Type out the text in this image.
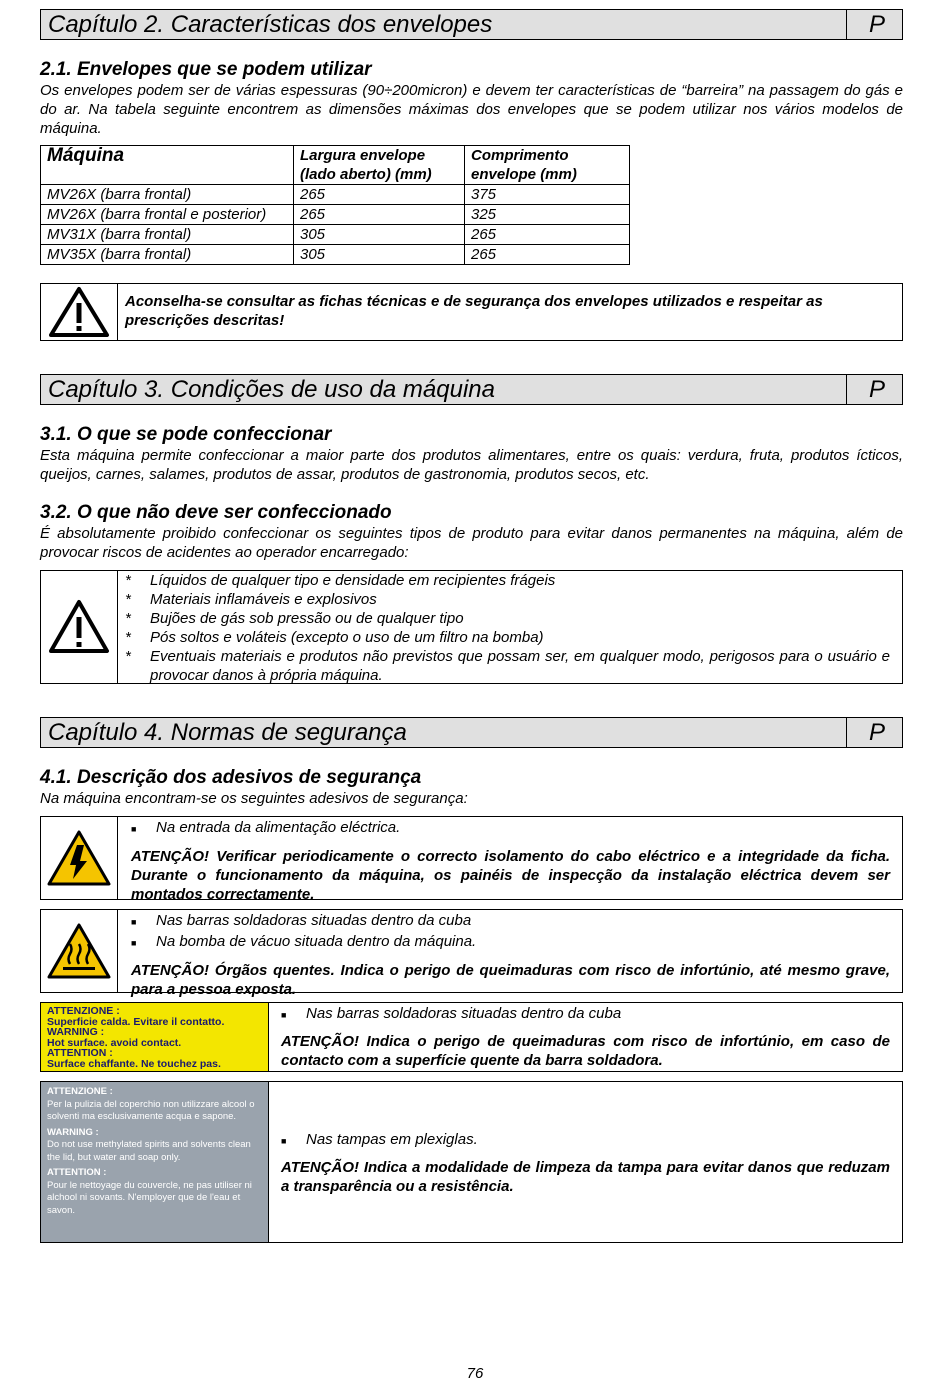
Capítulo 2. Características dos envelopes	P
2.1. Envelopes que se podem utilizar

Os envelopes podem ser de várias espessuras (90÷200micron) e devem ter características de “barreira” na passagem do gás e do ar. Na tabela seguinte encontrem as dimensões máximas dos envelopes que se podem utilizar nos vários modelos de máquina.

Máquina	Largura envelope (lado aberto) (mm)	Comprimento envelope (mm)
MV26X (barra frontal)	265	375
MV26X (barra frontal e posterior)	265	325
MV31X (barra frontal)	305	265
MV35X (barra frontal)	305	265
Aconselha-se consultar as fichas técnicas e de segurança dos envelopes utilizados e respeitar as prescrições descritas!
Capítulo 3. Condições de uso da máquina	P
3.1. O que se pode confeccionar

Esta máquina permite confeccionar a maior parte dos produtos alimentares, entre os quais: verdura, fruta, produtos ícticos, queijos, carnes, salames, produtos de assar, produtos de gastronomia, produtos secos, etc.

3.2. O que não deve ser confeccionado

É absolutamente proibido confeccionar os seguintes tipos de produto para evitar danos permanentes na máquina, além de provocar riscos de acidentes ao operador encarregado:

*	Líquidos de qualquer tipo e densidade em recipientes frágeis
*	Materiais inflamáveis e explosivos
*	Bujões de gás sob pressão ou de qualquer tipo
*	Pós soltos e voláteis (excepto o uso de um filtro na bomba)
*	Eventuais materiais e produtos não previstos que possam ser, em qualquer modo, perigosos para o usuário e provocar danos à própria máquina.
Capítulo 4. Normas de segurança	P
4.1. Descrição dos adesivos de segurança

Na máquina encontram-se os seguintes adesivos de segurança:

■	Na entrada da alimentação eléctrica.
ATENÇÃO! Verificar periodicamente o correcto isolamento do cabo eléctrico e a integridade da ficha. Durante o funcionamento da máquina, os painéis de inspecção da instalação eléctrica devem ser montados correctamente.
■	Nas barras soldadoras situadas dentro da cuba
■	Na bomba de vácuo situada dentro da máquina.
ATENÇÃO! Órgãos quentes. Indica o perigo de queimaduras com risco de infortúnio, até mesmo grave, para a pessoa exposta.
ATTENZIONE :
Superficie calda. Evitare il contatto.
WARNING :
Hot surface. avoid contact.
ATTENTION :
Surface chaffante. Ne touchez pas.
■	Nas barras soldadoras situadas dentro da cuba
ATENÇÃO! Indica o perigo de queimaduras com risco de infortúnio, em caso de contacto com a superfície quente da barra soldadora.
ATTENZIONE :
Per la pulizia del coperchio non utilizzare alcool o solventi ma esclusivamente acqua e sapone.
WARNING :
Do not use methylated spirits and solvents clean the lid, but water and soap only.
ATTENTION :
Pour le nettoyage du couvercle, ne pas utiliser ni alchool ni sovants. N'employer que de l'eau et savon.
■	Nas tampas em plexiglas.
ATENÇÃO! Indica a modalidade de limpeza da tampa para evitar danos que reduzam a transparência ou a resistência.
76
